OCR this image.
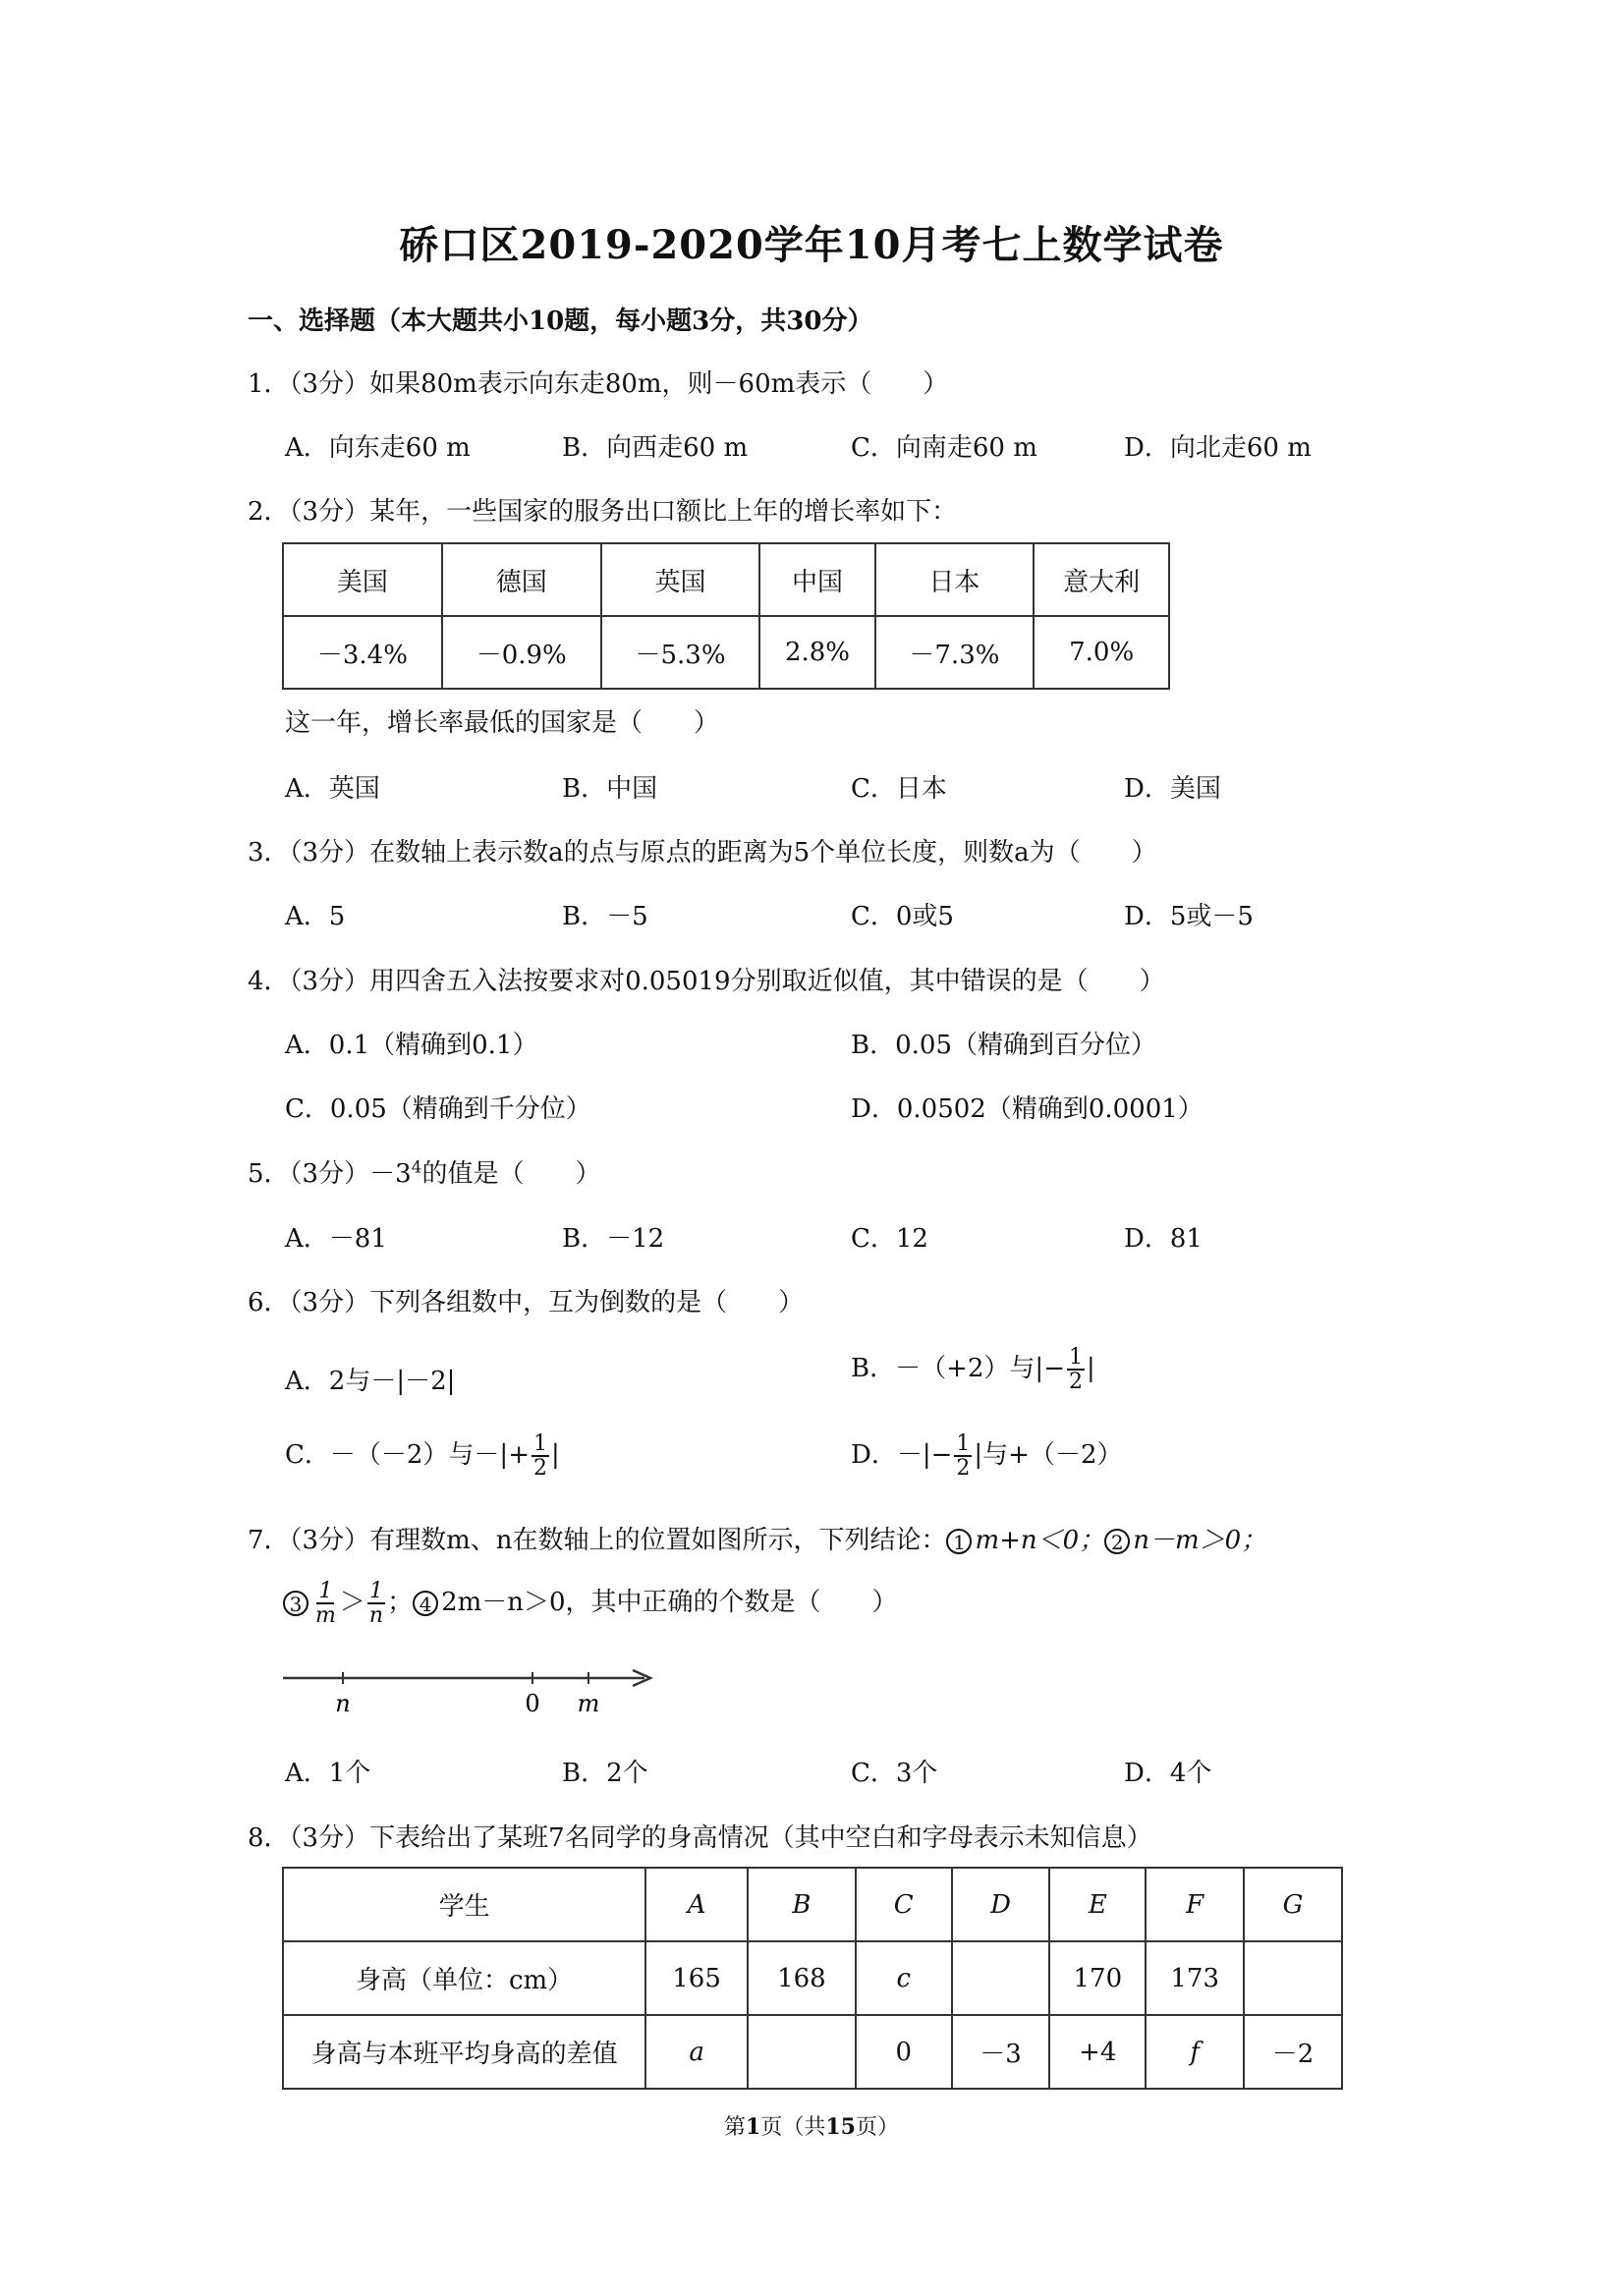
硚口区2019-2020学年10月考七上数学试卷
一、选择题（本大题共小10题，每小题3分，共30分）
1．（3分）如果80m表示向东走80m，则－60m表示（　　）
A．向东走60 m	B．向西走60 m	C．向南走60 m	D．向北走60 m
2．（3分）某年，一些国家的服务出口额比上年的增长率如下：
美国	德国	英国	中国	日本	意大利
－3.4%	－0.9%	－5.3%	2.8%	－7.3%	7.0%
这一年，增长率最低的国家是（　　）
A．英国	B．中国	C．日本	D．美国
3．（3分）在数轴上表示数a的点与原点的距离为5个单位长度，则数a为（　　）
A．5	B．－5	C．0或5	D．5或－5
4．（3分）用四舍五入法按要求对0.05019分别取近似值，其中错误的是（　　）
A．0.1（精确到0.1）	B．0.05（精确到百分位）
C．0.05（精确到千分位）	D．0.0502（精确到0.0001）
5．（3分）$-3^4$的值是（　　）
A．－81	B．－12	C．12	D．81
6．（3分）下列各组数中，互为倒数的是（　　）
A．2与－|－2|	B．－（+2）与|− $\frac{1}{2}$ |
C．－（－2）与－|+ $\frac{1}{2}$ |	D．－|− $\frac{1}{2}$ |与+（－2）
7．（3分）有理数m、n在数轴上的位置如图所示，下列结论： 1 m+n＜0； 2 n－m＞0；
$3 \frac{1}{m} > \frac{1}{n}$ ； 4 2m－n＞0，其中正确的个数是（　　）
n	0 m
A．1个	B．2个	C．3个	D．4个
8．（3分）下表给出了某班7名同学的身高情况（其中空白和字母表示未知信息）
学生	A	B	C	D	E	F	G
身高（单位：cm）	165	168	c		170	173	
身高与本班平均身高的差值	a		0	－3	+4	f	－2
第1页（共15页）
